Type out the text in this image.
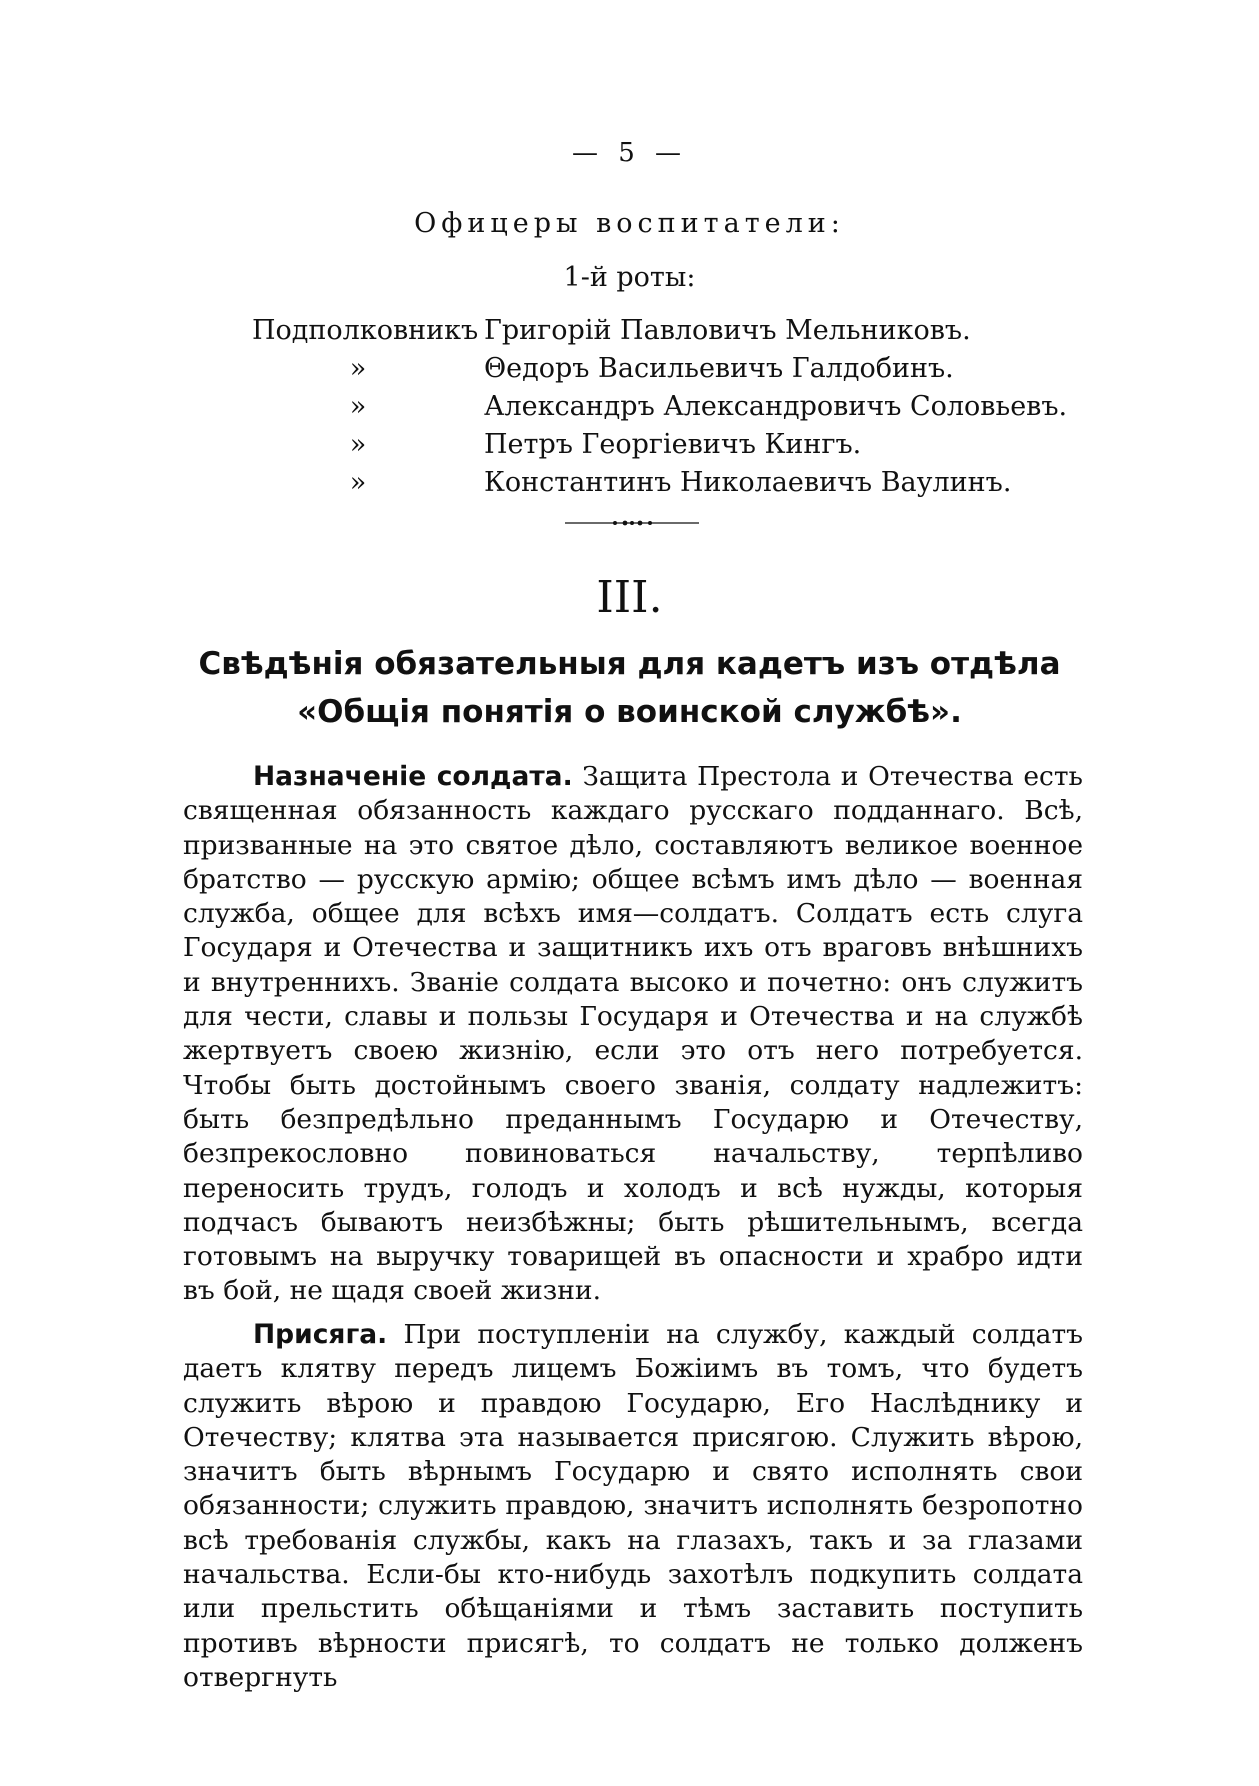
— 5 —
Офицеры воспитатели:
1-й роты:
Подполковникъ Григорій Павловичъ Мельниковъ.
»	Θедоръ Васильевичъ Галдобинъ.
»	Александръ Александровичъ Соловьевъ.
»	Петръ Георгіевичъ Кингъ.
»	Константинъ Николаевичъ Ваулинъ.
III.
Свѣдѣнія обязательныя для кадетъ изъ отдѣла
«Общія понятія о воинской службѣ».
Назначеніе солдата. Защита Престола и Отечества есть священная обязанность каждаго русскаго подданнаго. Всѣ, призванные на это святое дѣло, составляютъ великое военное братство — русскую армію; общее всѣмъ имъ дѣло — военная служба, общее для всѣхъ имя—солдатъ. Солдатъ есть слуга Государя и Отечества и защитникъ ихъ отъ враговъ внѣшнихъ и внутреннихъ. Званіе солдата высоко и почетно: онъ служитъ для чести, славы и пользы Государя и Отечества и на службѣ жертвуетъ своею жизнію, если это отъ него потребуется. Чтобы быть достойнымъ своего званія, солдату надлежитъ: быть безпредѣльно преданнымъ Государю и Отечеству, безпрекословно повиноваться начальству, терпѣливо переносить трудъ, голодъ и холодъ и всѣ нужды, которыя подчасъ бываютъ неизбѣжны; быть рѣшительнымъ, всегда готовымъ на выручку товарищей въ опасности и храбро идти въ бой, не щадя своей жизни.
Присяга. При поступленіи на службу, каждый солдатъ даетъ клятву передъ лицемъ Божіимъ въ томъ, что будетъ служить вѣрою и правдою Государю, Его Наслѣднику и Отечеству; клятва эта называется присягою. Служить вѣрою, значитъ быть вѣрнымъ Государю и свято исполнять свои обязанности; служить правдою, значитъ исполнять безропотно всѣ требованія службы, какъ на глазахъ, такъ и за глазами начальства. Если-бы кто-нибудь захотѣлъ подкупить солдата или прельстить обѣщаніями и тѣмъ заставить поступить противъ вѣрности присягѣ, то солдатъ не только долженъ отвергнуть
